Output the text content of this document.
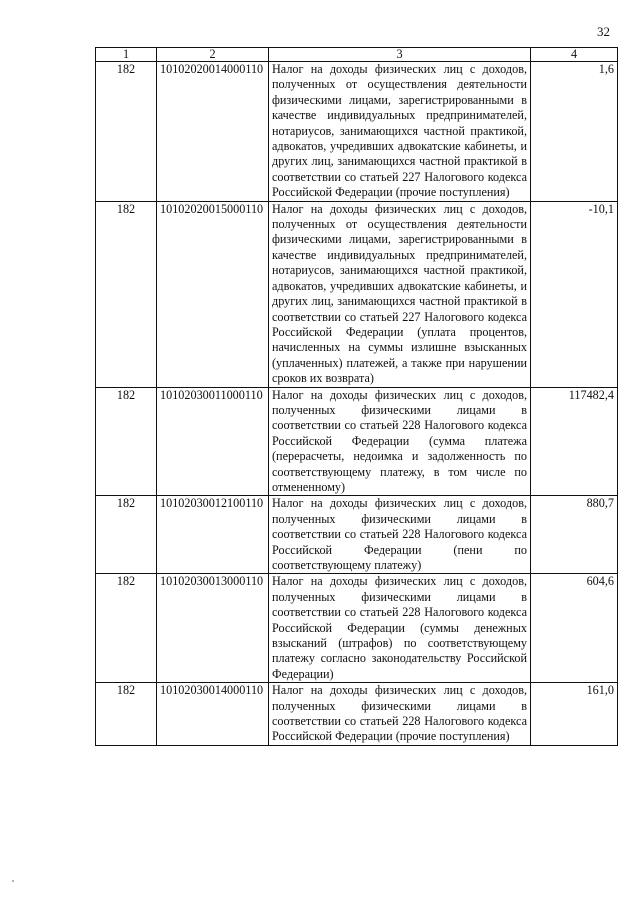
32
1	2	3	4
182	10102020014000110	Налог на доходы физических лиц с доходов, полученных от осуществления деятельности физическими лицами, зарегистрированными в качестве индивидуальных предпринимателей, нотариусов, занимающихся частной практикой, адвокатов, учредивших адвокатские кабинеты, и других лиц, занимающихся частной практикой в соответствии со статьей 227 Налогового кодекса Российской Федерации (прочие поступления)	1,6
182	10102020015000110	Налог на доходы физических лиц с доходов, полученных от осуществления деятельности физическими лицами, зарегистрированными в качестве индивидуальных предпринимателей, нотариусов, занимающихся частной практикой, адвокатов, учредивших адвокатские кабинеты, и других лиц, занимающихся частной практикой в соответствии со статьей 227 Налогового кодекса Российской Федерации (уплата процентов, начисленных на суммы излишне взысканных (уплаченных) платежей, а также при нарушении сроков их возврата)	-10,1
182	10102030011000110	Налог на доходы физических лиц с доходов, полученных физическими лицами в соответствии со статьей 228 Налогового кодекса Российской Федерации (сумма платежа (перерасчеты, недоимка и задолженность по соответствующему платежу, в том числе по отмененному)	117482,4
182	10102030012100110	Налог на доходы физических лиц с доходов, полученных физическими лицами в соответствии со статьей 228 Налогового кодекса Российской Федерации (пени по соответствующему платежу)	880,7
182	10102030013000110	Налог на доходы физических лиц с доходов, полученных физическими лицами в соответствии со статьей 228 Налогового кодекса Российской Федерации (суммы денежных взысканий (штрафов) по соответствующему платежу согласно законодательству Российской Федерации)	604,6
182	10102030014000110	Налог на доходы физических лиц с доходов, полученных физическими лицами в соответствии со статьей 228 Налогового кодекса Российской Федерации (прочие поступления)	161,0
